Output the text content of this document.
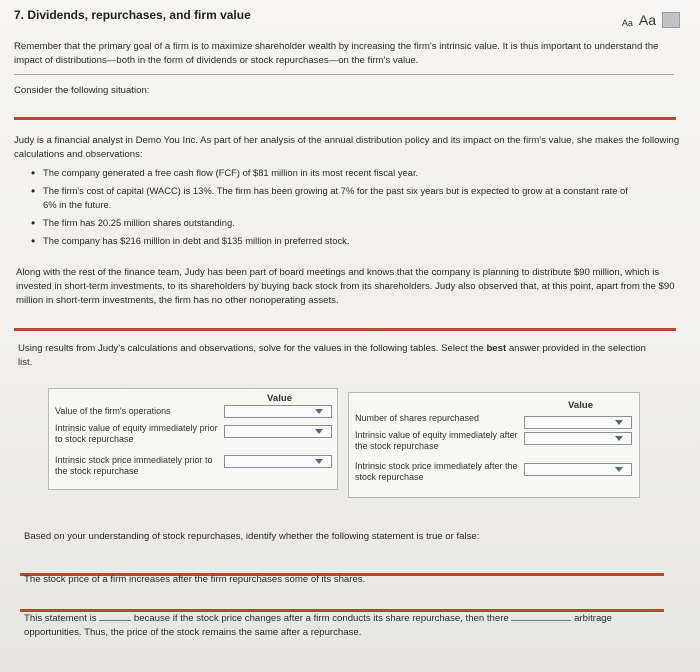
7. Dividends, repurchases, and firm value
Aa Aa
Remember that the primary goal of a firm is to maximize shareholder wealth by increasing the firm's intrinsic value. It is thus important to understand the impact of distributions—both in the form of dividends or stock repurchases—on the firm's value.
Consider the following situation:
Judy is a financial analyst in Demo You Inc. As part of her analysis of the annual distribution policy and its impact on the firm's value, she makes the following calculations and observations:
• The company generated a free cash flow (FCF) of $81 million in its most recent fiscal year.
• The firm's cost of capital (WACC) is 13%. The firm has been growing at 7% for the past six years but is expected to grow at a constant rate of 6% in the future.
• The firm has 20.25 million shares outstanding.
• The company has $216 million in debt and $135 million in preferred stock.
Along with the rest of the finance team, Judy has been part of board meetings and knows that the company is planning to distribute $90 million, which is invested in short-term investments, to its shareholders by buying back stock from its shareholders. Judy also observed that, at this point, apart from the $90 million in short-term investments, the firm has no other nonoperating assets.
Using results from Judy's calculations and observations, solve for the values in the following tables. Select the best answer provided in the selection list.
Value
Value of the firm's operations
Intrinsic value of equity immediately prior to stock repurchase
Intrinsic stock price immediately prior to the stock repurchase
Value
Number of shares repurchased
Intrinsic value of equity immediately after the stock repurchase
Intrinsic stock price immediately after the stock repurchase
Based on your understanding of stock repurchases, identify whether the following statement is true or false:
The stock price of a firm increases after the firm repurchases some of its shares.
This statement is	because if the stock price changes after a firm conducts its share repurchase, then there	arbitrage
opportunities. Thus, the price of the stock remains the same after a repurchase.
